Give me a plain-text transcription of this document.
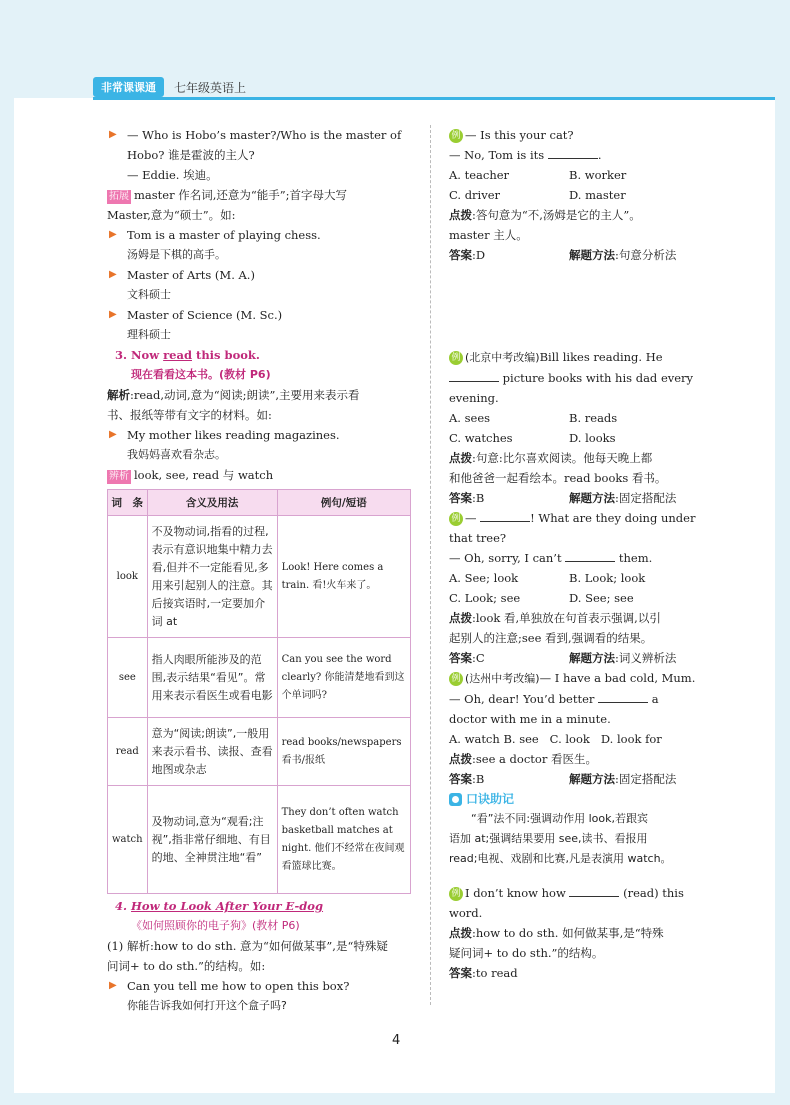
非常课课通	七年级英语上
▶ — Who is Hobo’s master?/Who is the master of
Hobo? 谁是霍波的主人?
— Eddie. 埃迪。
拓展 master 作名词,还意为“能手”;首字母大写
Master,意为“硕士”。如:
▶ Tom is a master of playing chess.
汤姆是下棋的高手。
▶ Master of Arts (M. A.)
文科硕士
▶ Master of Science (M. Sc.)
理科硕士
3. Now read this book.
现在看看这本书。(教材 P6)
解析:read,动词,意为“阅读;朗读”,主要用来表示看
书、报纸等带有文字的材料。如:
▶ My mother likes reading magazines.
我妈妈喜欢看杂志。
辨析 look, see, read 与 watch
词　条	含义及用法	例句/短语
look	不及物动词,指看的过程,表示有意识地集中精力去看,但并不一定能看见,多用来引起别人的注意。其后接宾语时,一定要加介词 at	Look! Here comes a train. 看!火车来了。
see	指人肉眼所能涉及的范围,表示结果“看见”。常用来表示看医生或看电影	Can you see the word clearly? 你能清楚地看到这个单词吗?
read	意为“阅读;朗读”,一般用来表示看书、读报、查看地图或杂志	read books/newspapers 看书/报纸
watch	及物动词,意为“观看;注视”,指非常仔细地、有目的地、全神贯注地“看”	They don’t often watch basketball matches at night. 他们不经常在夜间观看篮球比赛。
4. How to Look After Your E-dog
《如何照顾你的电子狗》(教材 P6)
(1) 解析:how to do sth. 意为“如何做某事”,是“特殊疑
问词+ to do sth.”的结构。如:
▶ Can you tell me how to open this box?
你能告诉我如何打开这个盒子吗?
例 — Is this your cat?
— No, Tom is its	.
A. teacher	B. worker
C. driver	D. master
点拨:答句意为“不,汤姆是它的主人”。
master 主人。
答案:D	解题方法:句意分析法
例 (北京中考改编)Bill likes reading. He
picture books with his dad every
evening.
A. sees	B. reads
C. watches	D. looks
点拨:句意:比尔喜欢阅读。他每天晚上都
和他爸爸一起看绘本。read books 看书。
答案:B	解题方法:固定搭配法
例 —	! What are they doing under
that tree?
— Oh, sorry, I can’t	them.
A. See; look	B. Look; look
C. Look; see	D. See; see
点拨:look 看,单独放在句首表示强调,以引
起别人的注意;see 看到,强调看的结果。
答案:C	解题方法:词义辨析法
例 (达州中考改编)— I have a bad cold, Mum.
— Oh, dear! You’d better	a
doctor with me in a minute.
A. watch B. see   C. look   D. look for
点拨:see a doctor 看医生。
答案:B	解题方法:固定搭配法
口诀助记
“看”法不同:强调动作用 look,若跟宾
语加 at;强调结果要用 see,读书、看报用
read;电视、戏剧和比赛,凡是表演用 watch。
例 I don’t know how	(read) this
word.
点拨:how to do sth. 如何做某事,是“特殊
疑问词+ to do sth.”的结构。
答案:to read
4
